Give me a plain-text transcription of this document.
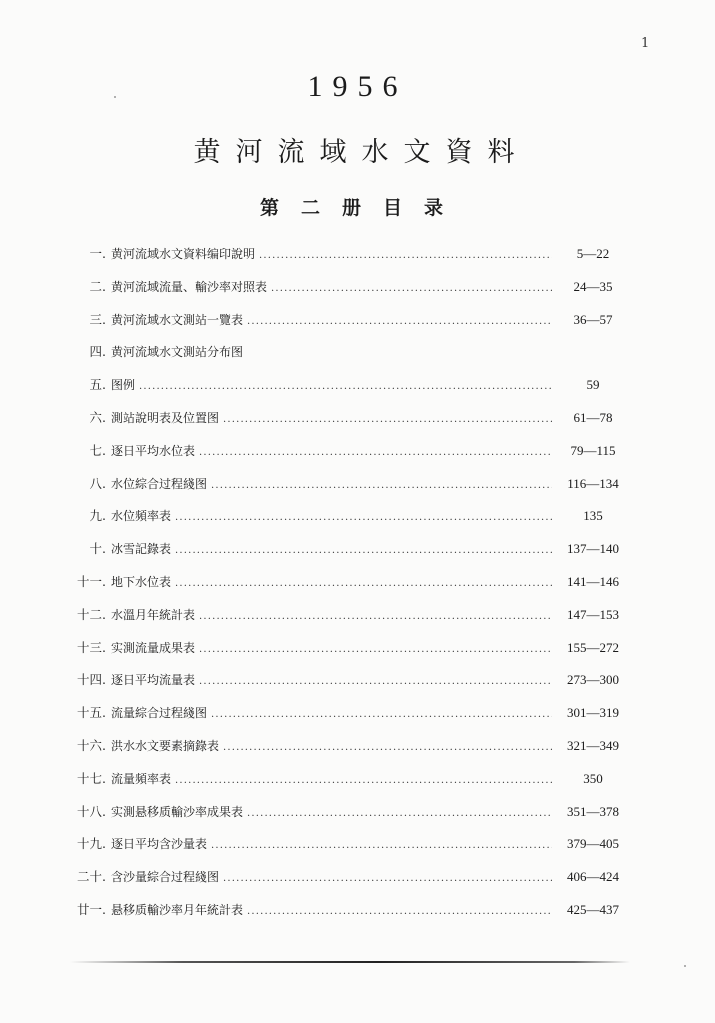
1
1956
黄河流域水文資料
第二册目录
一. 黄河流域水文資料编印說明 . . .	5—22
二. 黄河流域流量、輸沙率对照表 . . .	24—35
三. 黄河流域水文測站一覽表 . . .	36—57
四. 黄河流域水文測站分布图
五. 图例 . . .	59
六. 測站說明表及位置图 . . .	61—78
七. 逐日平均水位表 . . .	79—115
八. 水位綜合过程綫图 . . .	116—134
九. 水位頻率表 . . .	135
十. 冰雪記錄表 . . .	137—140
十一. 地下水位表 . . .	141—146
十二. 水溫月年統計表 . . .	147—153
十三. 实測流量成果表 . . .	155—272
十四. 逐日平均流量表 . . .	273—300
十五. 流量綜合过程綫图 . . .	301—319
十六. 洪水水文要素摘錄表 . . .	321—349
十七. 流量頻率表 . . .	350
十八. 实測悬移质輸沙率成果表 . . .	351—378
十九. 逐日平均含沙量表 . . .	379—405
二十. 含沙量綜合过程綫图 . . .	406—424
廿一. 悬移质輸沙率月年統計表 . . .	425—437
